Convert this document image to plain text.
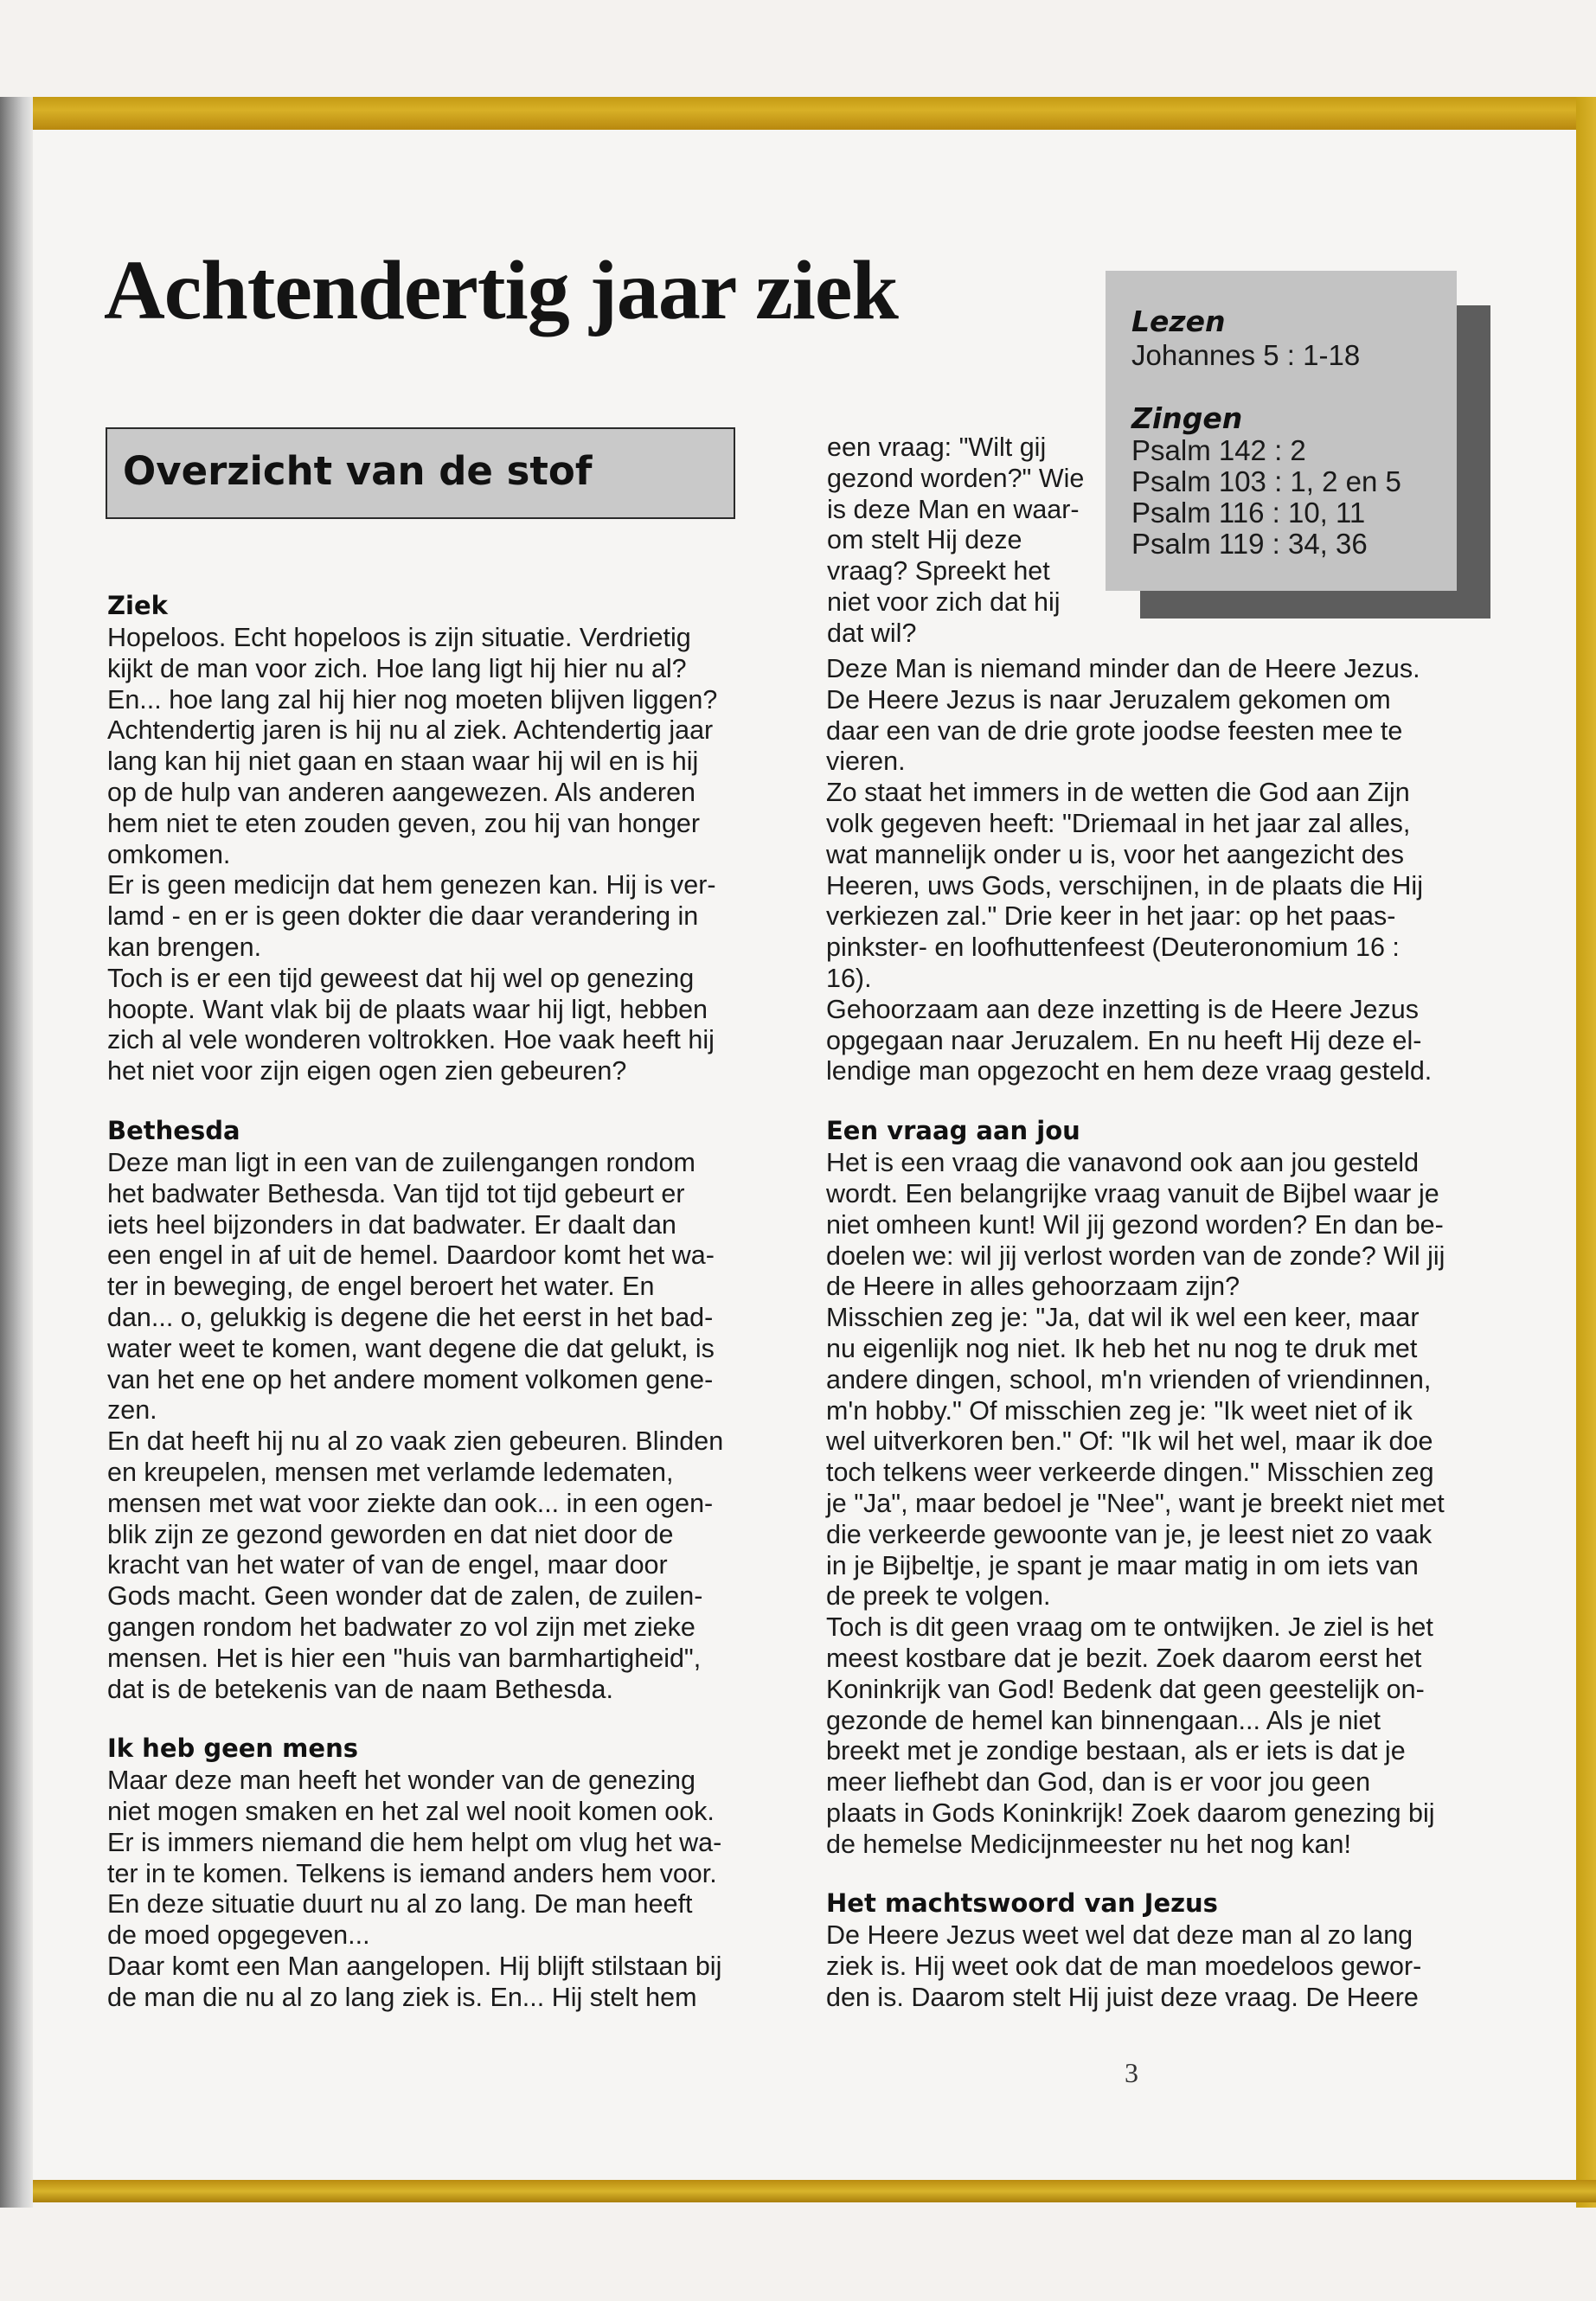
Achtendertig jaar ziek
Overzicht van de stof
Lezen
Johannes 5 : 1-18
Zingen
Psalm 142 : 2
Psalm 103 : 1, 2 en 5
Psalm 116 : 10, 11
Psalm 119 : 34, 36
Ziek
Hopeloos. Echt hopeloos is zijn situatie. Verdrietig
kijkt de man voor zich. Hoe lang ligt hij hier nu al?
En... hoe lang zal hij hier nog moeten blijven liggen?
Achtendertig jaren is hij nu al ziek. Achtendertig jaar
lang kan hij niet gaan en staan waar hij wil en is hij
op de hulp van anderen aangewezen. Als anderen
hem niet te eten zouden geven, zou hij van honger
omkomen.
Er is geen medicijn dat hem genezen kan. Hij is ver-
lamd - en er is geen dokter die daar verandering in
kan brengen.
Toch is er een tijd geweest dat hij wel op genezing
hoopte. Want vlak bij de plaats waar hij ligt, hebben
zich al vele wonderen voltrokken. Hoe vaak heeft hij
het niet voor zijn eigen ogen zien gebeuren?
Bethesda
Deze man ligt in een van de zuilengangen rondom
het badwater Bethesda. Van tijd tot tijd gebeurt er
iets heel bijzonders in dat badwater. Er daalt dan
een engel in af uit de hemel. Daardoor komt het wa-
ter in beweging, de engel beroert het water. En
dan... o, gelukkig is degene die het eerst in het bad-
water weet te komen, want degene die dat gelukt, is
van het ene op het andere moment volkomen gene-
zen.
En dat heeft hij nu al zo vaak zien gebeuren. Blinden
en kreupelen, mensen met verlamde ledematen,
mensen met wat voor ziekte dan ook... in een ogen-
blik zijn ze gezond geworden en dat niet door de
kracht van het water of van de engel, maar door
Gods macht. Geen wonder dat de zalen, de zuilen-
gangen rondom het badwater zo vol zijn met zieke
mensen. Het is hier een "huis van barmhartigheid",
dat is de betekenis van de naam Bethesda.
Ik heb geen mens
Maar deze man heeft het wonder van de genezing
niet mogen smaken en het zal wel nooit komen ook.
Er is immers niemand die hem helpt om vlug het wa-
ter in te komen. Telkens is iemand anders hem voor.
En deze situatie duurt nu al zo lang. De man heeft
de moed opgegeven...
Daar komt een Man aangelopen. Hij blijft stilstaan bij
de man die nu al zo lang ziek is. En... Hij stelt hem
een vraag: "Wilt gij
gezond worden?" Wie
is deze Man en waar-
om stelt Hij deze
vraag? Spreekt het
niet voor zich dat hij
dat wil?
Deze Man is niemand minder dan de Heere Jezus.
De Heere Jezus is naar Jeruzalem gekomen om
daar een van de drie grote joodse feesten mee te
vieren.
Zo staat het immers in de wetten die God aan Zijn
volk gegeven heeft: "Driemaal in het jaar zal alles,
wat mannelijk onder u is, voor het aangezicht des
Heeren, uws Gods, verschijnen, in de plaats die Hij
verkiezen zal." Drie keer in het jaar: op het paas-
pinkster- en loofhuttenfeest (Deuteronomium 16 :
16).
Gehoorzaam aan deze inzetting is de Heere Jezus
opgegaan naar Jeruzalem. En nu heeft Hij deze el-
lendige man opgezocht en hem deze vraag gesteld.
Een vraag aan jou
Het is een vraag die vanavond ook aan jou gesteld
wordt. Een belangrijke vraag vanuit de Bijbel waar je
niet omheen kunt! Wil jij gezond worden? En dan be-
doelen we: wil jij verlost worden van de zonde? Wil jij
de Heere in alles gehoorzaam zijn?
Misschien zeg je: "Ja, dat wil ik wel een keer, maar
nu eigenlijk nog niet. Ik heb het nu nog te druk met
andere dingen, school, m'n vrienden of vriendinnen,
m'n hobby." Of misschien zeg je: "Ik weet niet of ik
wel uitverkoren ben." Of: "Ik wil het wel, maar ik doe
toch telkens weer verkeerde dingen." Misschien zeg
je "Ja", maar bedoel je "Nee", want je breekt niet met
die verkeerde gewoonte van je, je leest niet zo vaak
in je Bijbeltje, je spant je maar matig in om iets van
de preek te volgen.
Toch is dit geen vraag om te ontwijken. Je ziel is het
meest kostbare dat je bezit. Zoek daarom eerst het
Koninkrijk van God! Bedenk dat geen geestelijk on-
gezonde de hemel kan binnengaan... Als je niet
breekt met je zondige bestaan, als er iets is dat je
meer liefhebt dan God, dan is er voor jou geen
plaats in Gods Koninkrijk! Zoek daarom genezing bij
de hemelse Medicijnmeester nu het nog kan!
Het machtswoord van Jezus
De Heere Jezus weet wel dat deze man al zo lang
ziek is. Hij weet ook dat de man moedeloos gewor-
den is. Daarom stelt Hij juist deze vraag. De Heere
3
